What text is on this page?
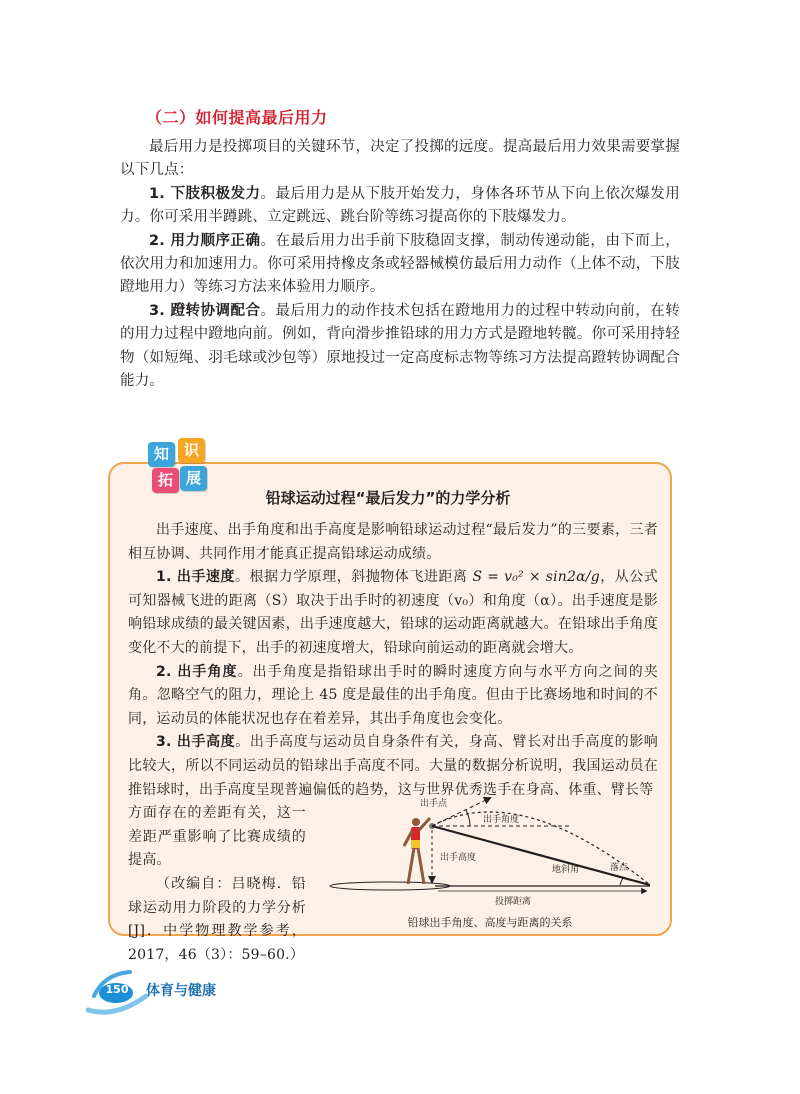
（二）如何提高最后用力

最后用力是投掷项目的关键环节，决定了投掷的远度。提高最后用力效果需要掌握以下几点：

1. 下肢积极发力。最后用力是从下肢开始发力，身体各环节从下向上依次爆发用力。你可采用半蹲跳、立定跳远、跳台阶等练习提高你的下肢爆发力。

2. 用力顺序正确。在最后用力出手前下肢稳固支撑，制动传递动能，由下而上，依次用力和加速用力。你可采用持橡皮条或轻器械模仿最后用力动作（上体不动，下肢蹬地用力）等练习方法来体验用力顺序。

3. 蹬转协调配合。最后用力的动作技术包括在蹬地用力的过程中转动向前，在转的用力过程中蹬地向前。例如，背向滑步推铅球的用力方式是蹬地转髋。你可采用持轻物（如短绳、羽毛球或沙包等）原地投过一定高度标志物等练习方法提高蹬转协调配合能力。

知 识
拓 展
铅球运动过程“最后发力”的力学分析

出手速度、出手角度和出手高度是影响铅球运动过程“最后发力”的三要素，三者相互协调、共同作用才能真正提高铅球运动成绩。

1. 出手速度。根据力学原理，斜抛物体飞进距离 S = v₀² × sin2α/g，从公式可知器械飞进的距离（S）取决于出手时的初速度（v₀）和角度（α）。出手速度是影响铅球成绩的最关键因素，出手速度越大，铅球的运动距离就越大。在铅球出手角度变化不大的前提下，出手的初速度增大，铅球向前运动的距离就会增大。

2. 出手角度。出手角度是指铅球出手时的瞬时速度方向与水平方向之间的夹角。忽略空气的阻力，理论上 45 度是最佳的出手角度。但由于比赛场地和时间的不同，运动员的体能状况也存在着差异，其出手角度也会变化。

3. 出手高度。出手高度与运动员自身条件有关，身高、臂长对出手高度的影响比较大，所以不同运动员的铅球出手高度不同。大量的数据分析说明，我国运动员在推铅球时，出手高度呈现普遍偏低的趋势，这与世界优秀选手在身高、体重、臂长等

方面存在的差距有关，这一差距严重影响了比赛成绩的提高。

（改编自：吕晓梅．铅球运动用力阶段的力学分析[J]．中学物理教学参考，2017，46（3）：59–60.）

出手点
出手角度
出手高度
地斜角	落点
投掷距离
铅球出手角度、高度与距离的关系
150 体育与健康
